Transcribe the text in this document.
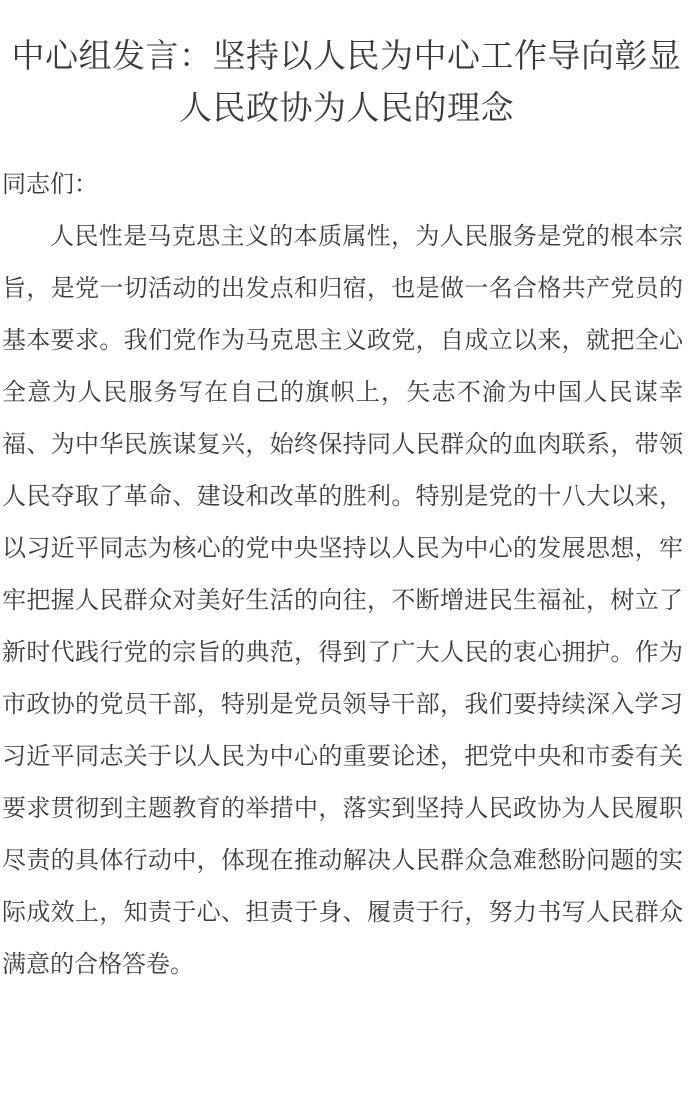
中心组发言：坚持以人民为中心工作导向彰显人民政协为人民的理念

同志们：

人民性是马克思主义的本质属性，为人民服务是党的根本宗旨，是党一切活动的出发点和归宿，也是做一名合格共产党员的基本要求。我们党作为马克思主义政党，自成立以来，就把全心全意为人民服务写在自己的旗帜上，矢志不渝为中国人民谋幸福、为中华民族谋复兴，始终保持同人民群众的血肉联系，带领人民夺取了革命、建设和改革的胜利。特别是党的十八大以来，以习近平同志为核心的党中央坚持以人民为中心的发展思想，牢牢把握人民群众对美好生活的向往，不断增进民生福祉，树立了新时代践行党的宗旨的典范，得到了广大人民的衷心拥护。作为市政协的党员干部，特别是党员领导干部，我们要持续深入学习习近平同志关于以人民为中心的重要论述，把党中央和市委有关要求贯彻到主题教育的举措中，落实到坚持人民政协为人民履职尽责的具体行动中，体现在推动解决人民群众急难愁盼问题的实际成效上，知责于心、担责于身、履责于行，努力书写人民群众满意的合格答卷。
